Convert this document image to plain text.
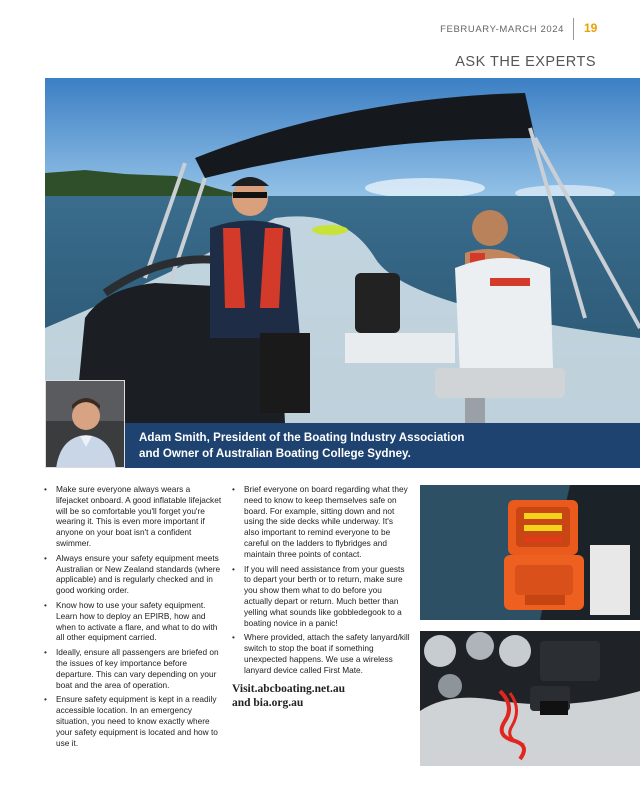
FEBRUARY-MARCH 2024 19
ASK THE EXPERTS
Adam Smith, President of the Boating Industry Association
and Owner of Australian Boating College Sydney.
• Make sure everyone always wears a lifejacket onboard. A good inflatable lifejacket will be so comfortable you'll forget you're wearing it. This is even more important if anyone on your boat isn't a confident swimmer.
• Always ensure your safety equipment meets Australian or New Zealand standards (where applicable) and is regularly checked and in good working order.
• Know how to use your safety equipment. Learn how to deploy an EPIRB, how and when to activate a flare, and what to do with all other equipment carried.
• Ideally, ensure all passengers are briefed on the issues of key importance before departure. This can vary depending on your boat and the area of operation.
• Ensure safety equipment is kept in a readily accessible location. In an emergency situation, you need to know exactly where your safety equipment is located and how to use it.
• Brief everyone on board regarding what they need to know to keep themselves safe on board. For example, sitting down and not using the side decks while underway. It's also important to remind everyone to be careful on the ladders to flybridges and maintain three points of contact.
• If you will need assistance from your guests to depart your berth or to return, make sure you show them what to do before you actually depart or return. Much better than yelling what sounds like gobbledegook to a boating novice in a panic!
• Where provided, attach the safety lanyard/kill switch to stop the boat if something unexpected happens. We use a wireless lanyard device called First Mate.
Visit.abcboating.net.au
and bia.org.au
